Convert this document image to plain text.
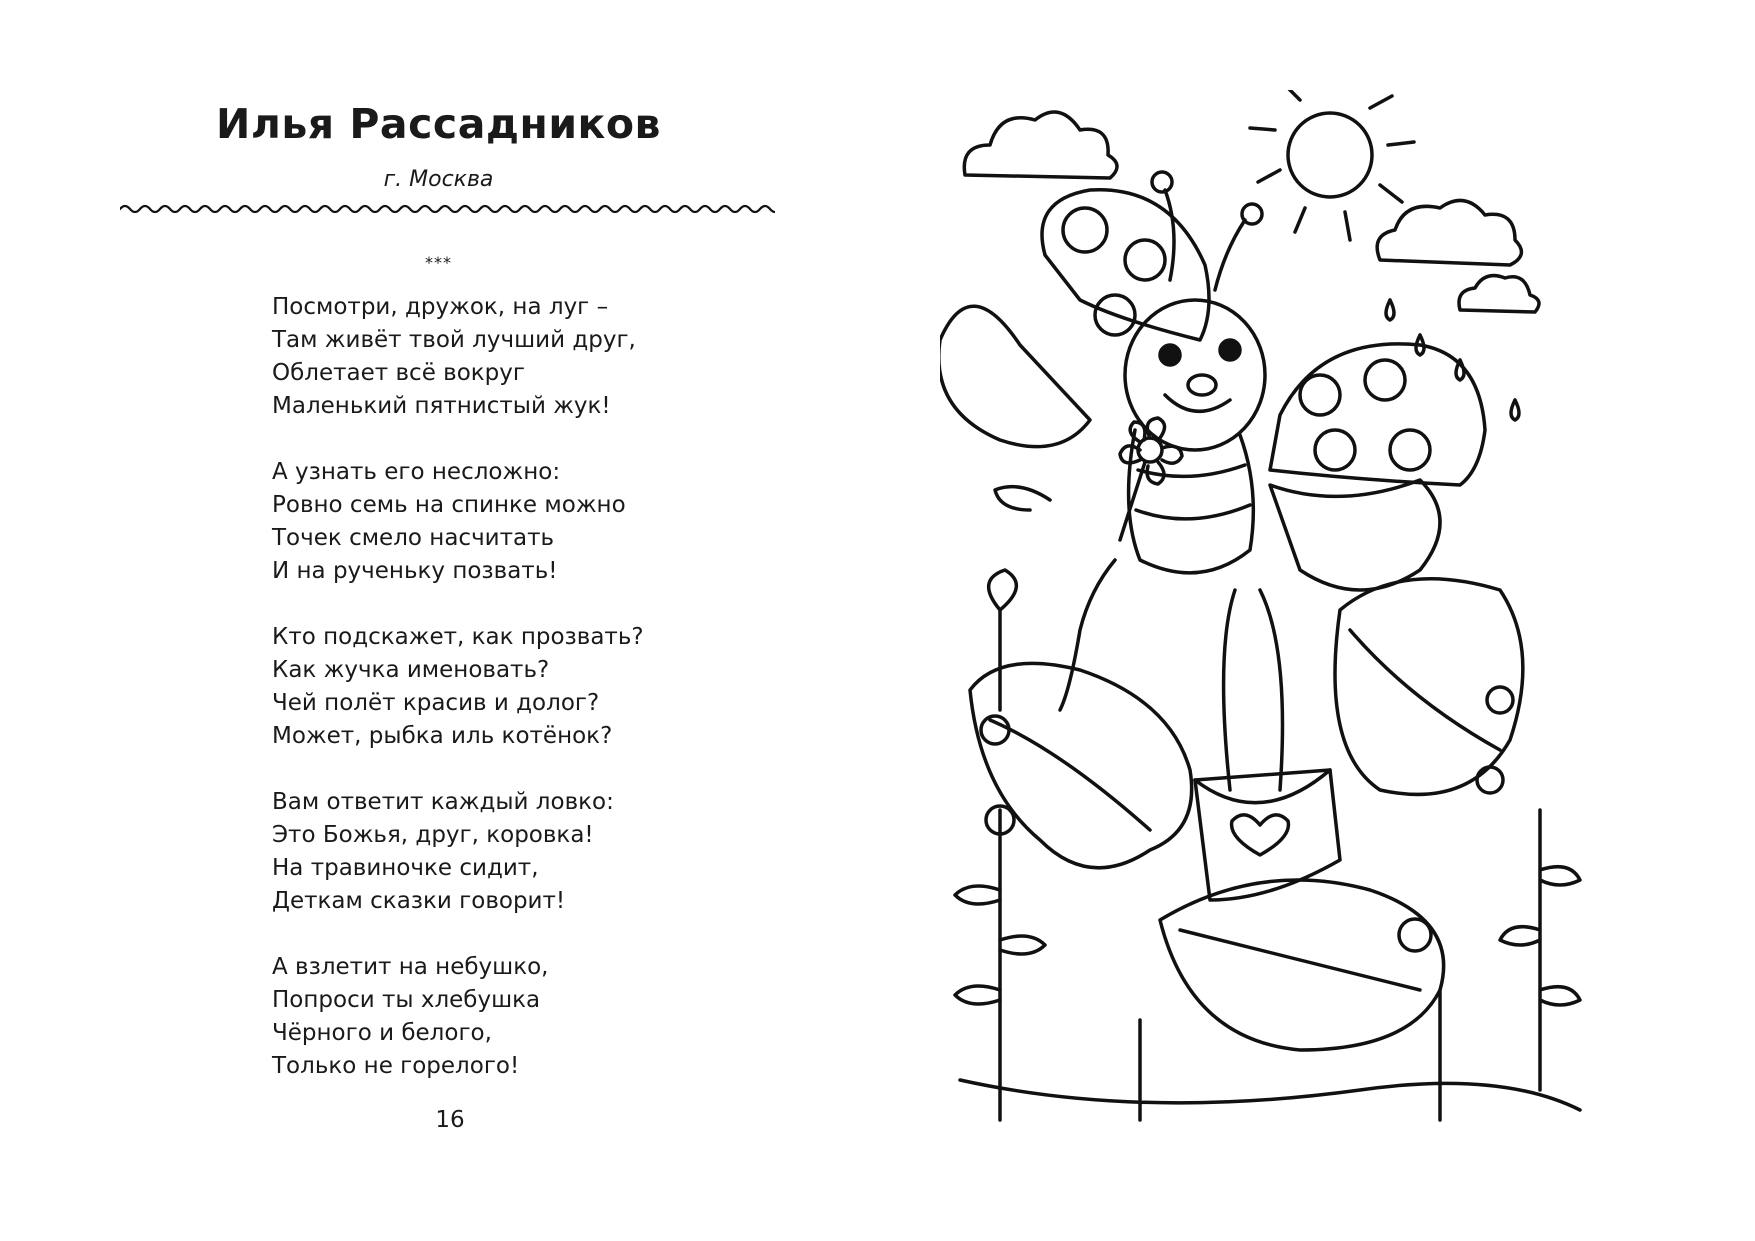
Илья Рассадников
г. Москва
***
Посмотри, дружок, на луг –
Там живёт твой лучший друг,
Облетает всё вокруг
Маленький пятнистый жук!
А узнать его несложно:
Ровно семь на спинке можно
Точек смело насчитать
И на рученьку позвать!
Кто подскажет, как прозвать?
Как жучка именовать?
Чей полёт красив и долог?
Может, рыбка иль котёнок?
Вам ответит каждый ловко:
Это Божья, друг, коровка!
На травиночке сидит,
Деткам сказки говорит!
А взлетит на небушко,
Попроси ты хлебушка
Чёрного и белого,
Только не горелого!
16
